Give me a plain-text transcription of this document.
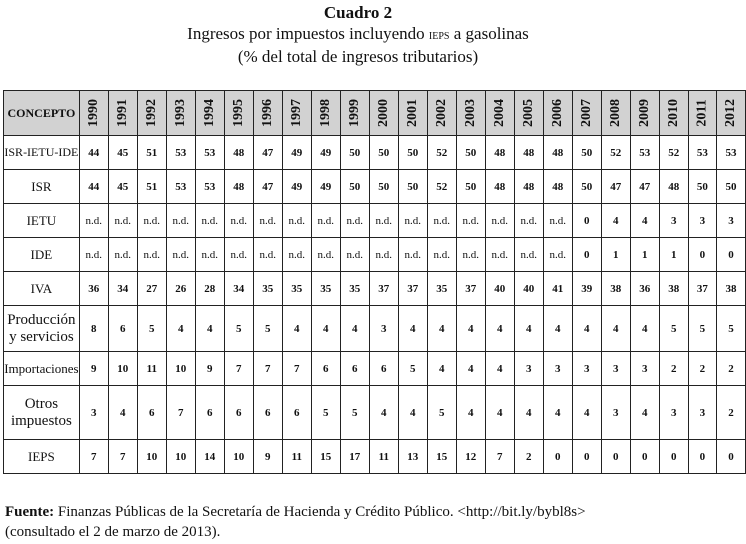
Cuadro 2
Ingresos por impuestos incluyendo ieps a gasolinas
(% del total de ingresos tributarios)
CONCEPTO	1990	1991	1992	1993	1994	1995	1996	1997	1998	1999	2000	2001	2002	2003	2004	2005	2006	2007	2008	2009	2010	2011	2012
ISR-IETU-IDE	44	45	51	53	53	48	47	49	49	50	50	50	52	50	48	48	48	50	52	53	52	53	53
ISR	44	45	51	53	53	48	47	49	49	50	50	50	52	50	48	48	48	50	47	47	48	50	50
IETU	n.d.	n.d.	n.d.	n.d.	n.d.	n.d.	n.d.	n.d.	n.d.	n.d.	n.d.	n.d.	n.d.	n.d.	n.d.	n.d.	n.d.	0	4	4	3	3	3
IDE	n.d.	n.d.	n.d.	n.d.	n.d.	n.d.	n.d.	n.d.	n.d.	n.d.	n.d.	n.d.	n.d.	n.d.	n.d.	n.d.	n.d.	0	1	1	1	0	0
IVA	36	34	27	26	28	34	35	35	35	35	37	37	35	37	40	40	41	39	38	36	38	37	38
Producción y servicios	8	6	5	4	4	5	5	4	4	4	3	4	4	4	4	4	4	4	4	4	5	5	5
Importaciones	9	10	11	10	9	7	7	7	6	6	6	5	4	4	4	3	3	3	3	3	2	2	2
Otros impuestos	3	4	6	7	6	6	6	6	5	5	4	4	5	4	4	4	4	4	3	4	3	3	2
IEPS	7	7	10	10	14	10	9	11	15	17	11	13	15	12	7	2	0	0	0	0	0	0	0
Fuente: Finanzas Públicas de la Secretaría de Hacienda y Crédito Público. <http://bit.ly/bybl8s>
(consultado el 2 de marzo de 2013).
